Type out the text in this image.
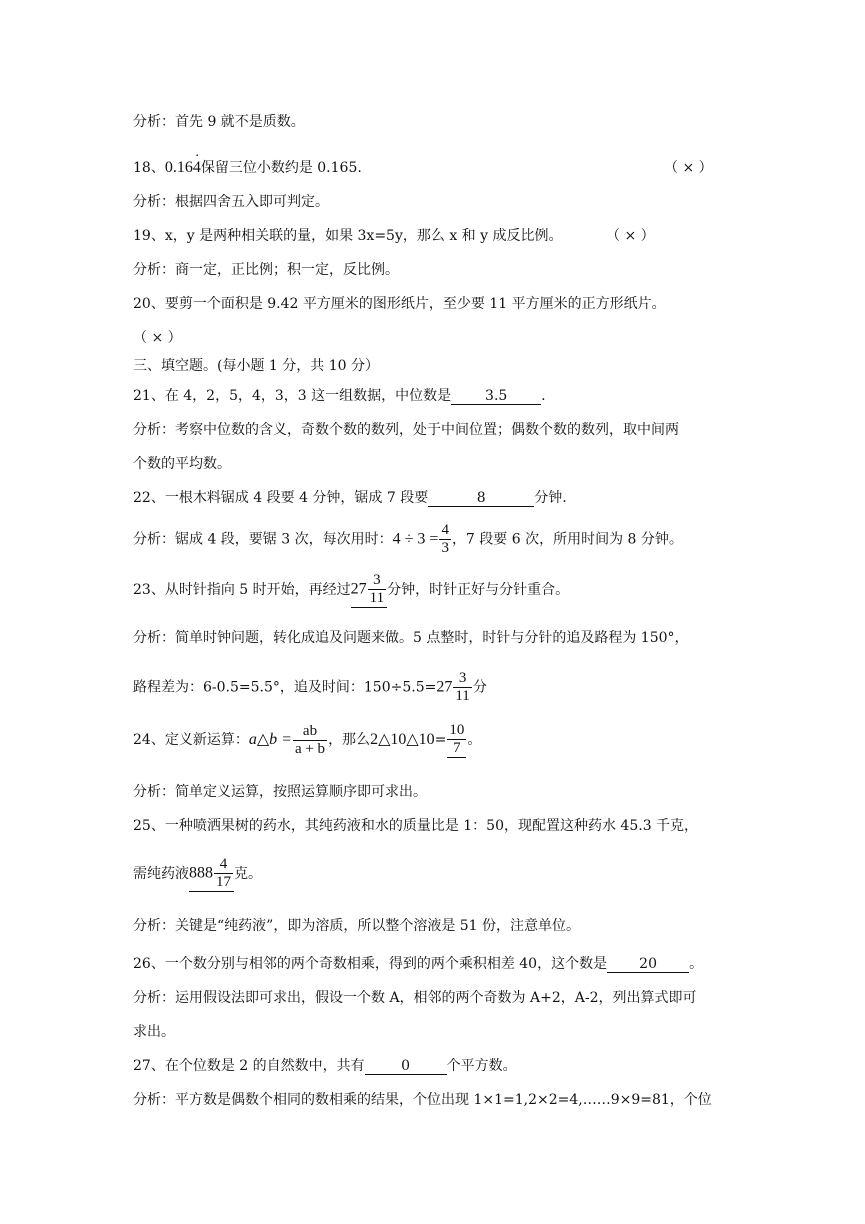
分析：首先 9 就不是质数。
18、0.164 ·保留三位小数约是 0.165.	（ × ）
分析：根据四舍五入即可判定。
19、x，y 是两种相关联的量，如果 3x=5y，那么 x 和 y 成反比例。	（ × ）
分析：商一定，正比例；积一定，反比例。
20、要剪一个面积是 9.42 平方厘米的图形纸片，至少要 11 平方厘米的正方形纸片。
（ × ）
三、填空题。(每小题 1 分，共 10 分）
21、在 4，2，5，4，3，3 这一组数据，中位数是 3.5 .
分析：考察中位数的含义，奇数个数的数列，处于中间位置；偶数个数的数列，取中间两
个数的平均数。
22、一根木料锯成 4 段要 4 分钟，锯成 7 段要	8	分钟.
分析：锯成 4 段，要锯 3 次，每次用时：$4 \div 3 = \frac{4}{3}$ ，7 段要 6 次，所用时间为 8 分钟。
23、从时针指向 5 时开始，再经过$27 \frac{3}{11}$ 分钟，时针正好与分针重合。
分析：简单时钟问题，转化成追及问题来做。5 点整时，时针与分针的追及路程为 150°，
路程差为：6-0.5=5.5°，追及时间：$150\div 5.5=27 \frac{3}{11}$ 分
24、定义新运算：a△b = $\frac{ab}{a + b}$ ，那么2△10△10= $\frac{10}{7}$ 。
分析：简单定义运算，按照运算顺序即可求出。
25、一种喷洒果树的药水，其纯药液和水的质量比是 1：50，现配置这种药水 45.3 千克，
需纯药液$888 \frac{4}{17}$ 克。
分析：关键是“纯药液”，即为溶质，所以整个溶液是 51 份，注意单位。
26、一个数分别与相邻的两个奇数相乘，得到的两个乘积相差 40，这个数是 20 。
分析：运用假设法即可求出，假设一个数 A，相邻的两个奇数为 A+2，A-2，列出算式即可
求出。
27、在个位数是 2 的自然数中，共有	0	个平方数。
分析：平方数是偶数个相同的数相乘的结果，个位出现 1×1=1,2×2=4,……9×9=81，个位
